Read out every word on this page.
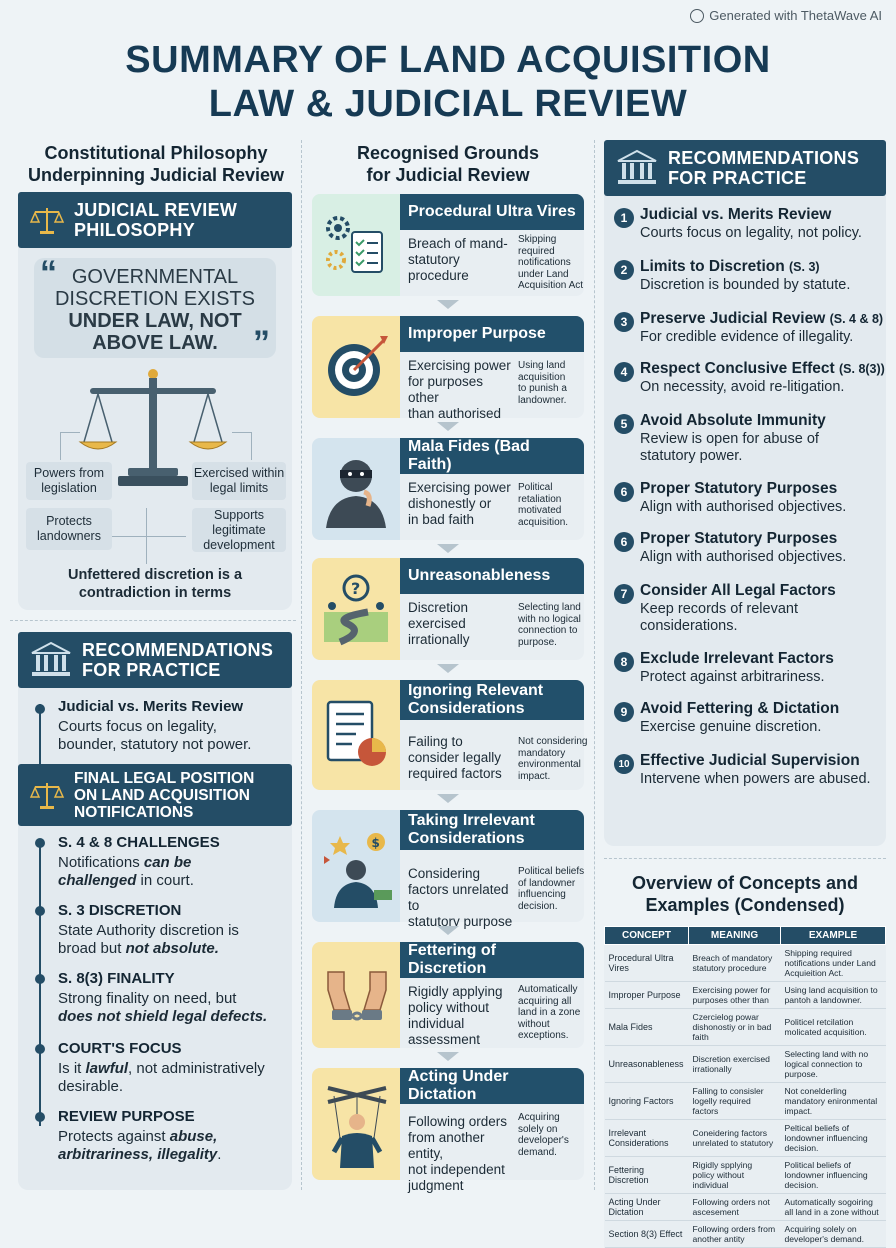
Generated with ThetaWave AI
SUMMARY OF LAND ACQUISITION
LAW & JUDICIAL REVIEW
Constitutional Philosophy
Underpinning Judicial Review
JUDICIAL REVIEW
PHILOSOPHY
“
”
GOVERNMENTAL
DISCRETION EXISTS
UNDER LAW, NOT
ABOVE LAW.
Powers from legislation
Exercised within legal limits
Protects landowners
Supports legitimate development
Unfettered discretion is a
contradiction in terms
RECOMMENDATIONS
FOR PRACTICE
Judicial vs. Merits Review
Courts focus on legality,
bounder, statutory not power.
FINAL LEGAL POSITION
ON LAND ACQUISITION
NOTIFICATIONS
S. 4 & 8 CHALLENGES
Notifications can be
challenged in court.
S. 3 DISCRETION
State Authority discretion is
broad but not absolute.
S. 8(3) FINALITY
Strong finality on need, but
does not shield legal defects.
COURT'S FOCUS
Is it lawful, not administratively
desirable.
REVIEW PURPOSE
Protects against abuse,
arbitrariness, illegality.
Recognised Grounds
for Judicial Review
Procedural Ultra Vires
Breach of mand-
statutory
procedure
Skipping
required
notifications
under Land
Acquisition Act
Improper Purpose
Exercising power
for purposes other
than authorised
Using land
acquisition
to punish a
landowner.
Mala Fides (Bad Faith)
Exercising power
dishonestly or
in bad faith
Political
retaliation
motivated
acquisition.
?
Unreasonableness
Discretion
exercised
irrationally
Selecting land
with no logical
connection to
purpose.
Ignoring Relevant
Considerations
Failing to
consider legally
required factors
Not considering
mandatory
environmental
impact.
$
Taking Irrelevant
Considerations
Considering
factors unrelated to
statutory purpose
Political beliefs
of landowner
influencing
decision.
Fettering of Discretion
Rigidly applying
policy without
individual
assessment
Automatically
acquiring all
land in a zone
without
exceptions.
Acting Under Dictation
Following orders
from another entity,
not independent
judgment
Acquiring
solely on
developer's
demand.
RECOMMENDATIONS
FOR PRACTICE
1 Judicial vs. Merits Review
Courts focus on legality, not policy.
2 Limits to Discretion (S. 3)
Discretion is bounded by statute.
3 Preserve Judicial Review (S. 4 & 8)
For credible evidence of illegality.
4 Respect Conclusive Effect (S. 8(3))
On necessity, avoid re-litigation.
5 Avoid Absolute Immunity
Review is open for abuse of
statutory power.
6 Proper Statutory Purposes
Align with authorised objectives.
6 Proper Statutory Purposes
Align with authorised objectives.
7 Consider All Legal Factors
Keep records of relevant
considerations.
8 Exclude Irrelevant Factors
Protect against arbitrariness.
9 Avoid Fettering & Dictation
Exercise genuine discretion.
10 Effective Judicial Supervision
Intervene when powers are abused.
Overview of Concepts and
Examples (Condensed)
CONCEPT	MEANING	EXAMPLE
Procedural Ultra Vires	Breach of mandatory statutory procedure	Shipping required notifications under Land Acquieition Act.
Improper Purpose	Exercising power for purposes other than	Using land acquisition to pantoh a landowner.
Mala Fides	Czercielog powar dishonostiy or in bad faith	Politicel retcilation molicated acquisition.
Unreasonableness	Discretion exercised irrationally	Selecting land with no logical connection to purpose.
Ignoring Factors	Falling to consisler logelly required factors	Not conelderling mandatory enironmental impact.
Irrelevant Considerations	Coneidering factors unrelated to statutory	Peltical beliefs of londowner influencing decision.
Fettering Discretion	Rigidly spplying policy without individual	Political beliefs of londowner influencing decision.
Acting Under Dictation	Following orders not ascesement	Automatically sogoiring all land in a zone without
Section 8(3) Effect	Following orders from another antity	Acquiring solely on developer's demand.
